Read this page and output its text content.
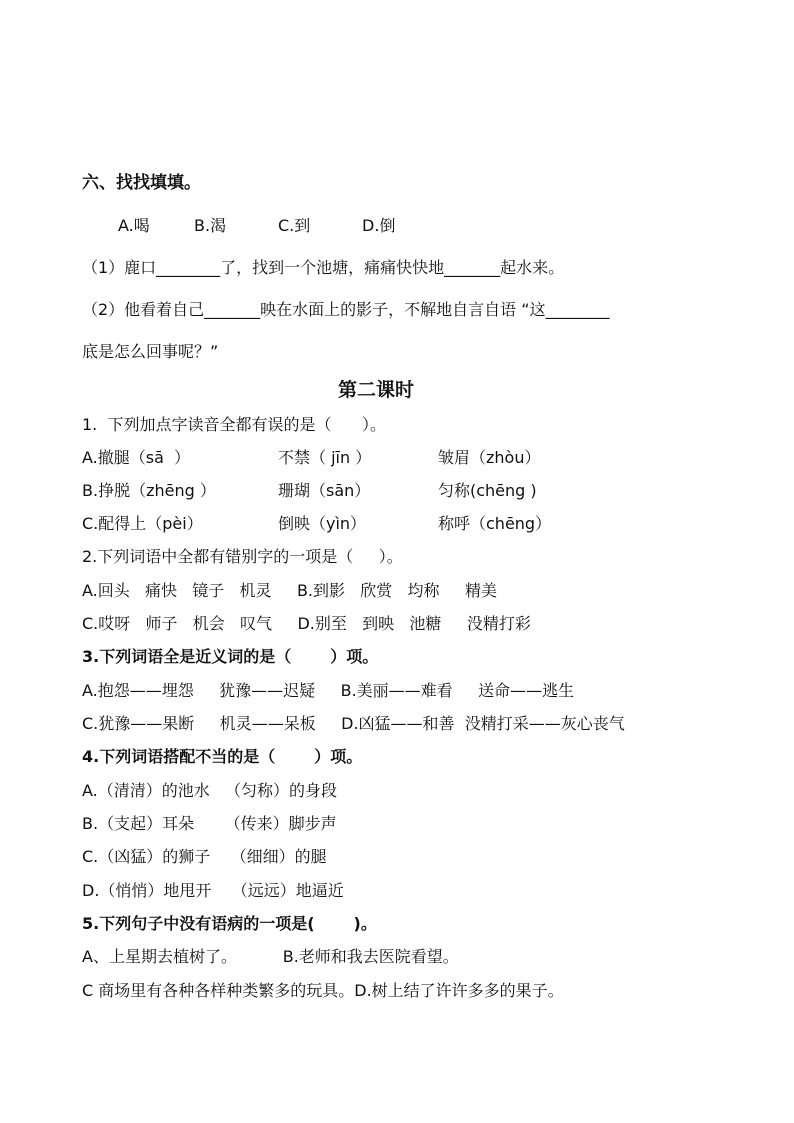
六、找找填填。
A.喝	B.渴	C.到	D.倒
（1）鹿口________了，找到一个池塘，痛痛快快地_______起水来。
（2）他看着自己_______映在水面上的影子，不解地自言自语 “这________
底是怎么回事呢？”
第二课时
1.  下列加点字读音全都有误的是（      ）。
A.撤腿（sā  ）	不禁（ jīn ）	皱眉（zhòu）
B.挣脱（zhēng ）	珊瑚（sān）	匀称(chēng )
C.配得上（pèi）	倒映（yìn）	称呼（chēng）
2.下列词语中全都有错别字的一项是（     ）。
A.回头   痛快   镜子   机灵     B.到影   欣赏   均称     精美
C.哎呀   师子   机会   叹气     D.别至   到映   池糖     没精打彩
3.下列词语全是近义词的是（       ）项。
A.抱怨——埋怨     犹豫——迟疑     B.美丽——难看     送命——逃生
C.犹豫——果断     机灵——呆板     D.凶猛——和善  没精打采——灰心丧气
4.下列词语搭配不当的是（       ）项。
A.（清清）的池水   （匀称）的身段
B.（支起）耳朵      （传来）脚步声
C.（凶猛）的狮子    （细细）的腿
D.（悄悄）地甩开    （远远）地逼近
5.下列句子中没有语病的一项是(       )。
A、上星期去植树了。         B.老师和我去医院看望。
C 商场里有各种各样种类繁多的玩具。D.树上结了许许多多的果子。
